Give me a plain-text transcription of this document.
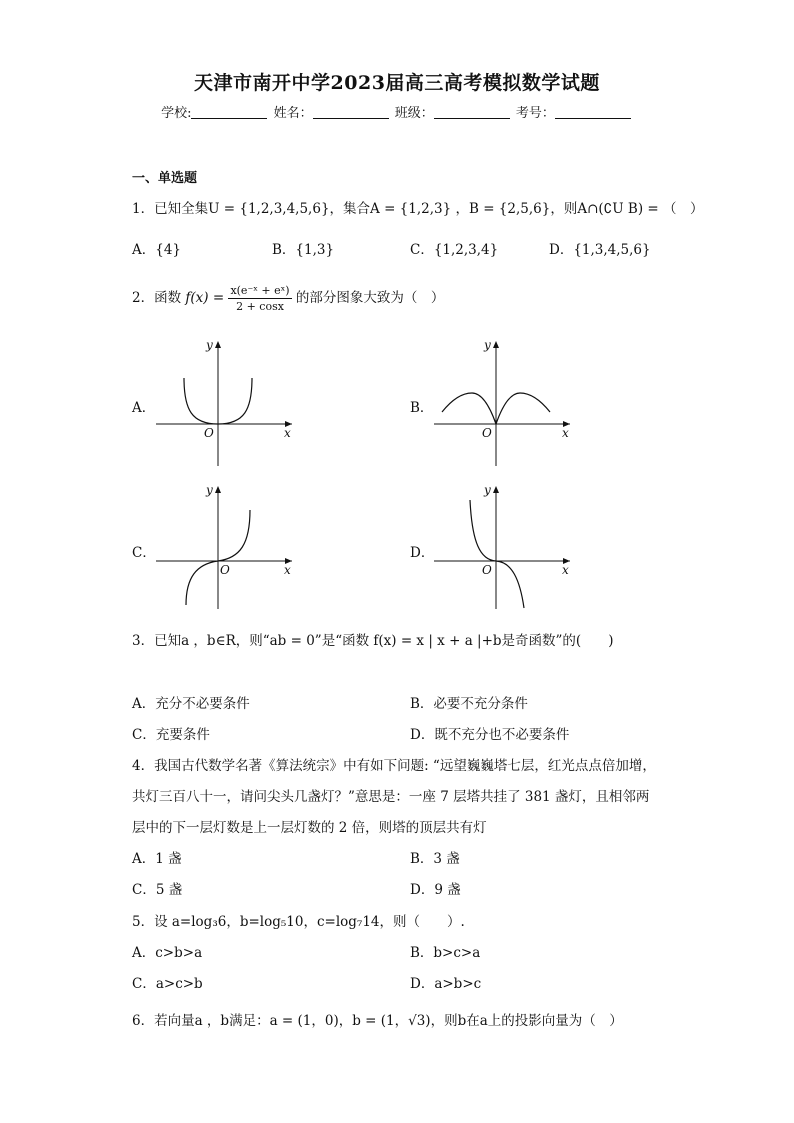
天津市南开中学2023届高三高考模拟数学试题
学校:	姓名：	班级：	考号：
一、单选题
1．已知全集U = {1,2,3,4,5,6}，集合A = {1,2,3} ，B = {2,5,6}，则A∩(∁U B) = （　）
A．{4}	B．{1,3}	C．{1,2,3,4}	D．{1,3,4,5,6}
2．函数 $f(x) = \frac{\text{x(e⁻ˣ + eˣ)}}{2 + \cos x}$ 的部分图象大致为（　）
A．
y
x
O
B．
y
x
O
C．
y
x
O
D．
y
x
O
3．已知a ，b∈R，则“ab = 0”是“函数 f(x) = x | x + a |+b是奇函数”的(　　)
A．充分不必要条件	B．必要不充分条件
C．充要条件	D．既不充分也不必要条件
4．我国古代数学名著《算法统宗》中有如下问题: “远望巍巍塔七层，红光点点倍加增，
共灯三百八十一，请问尖头几盏灯？”意思是：一座 7 层塔共挂了 381 盏灯，且相邻两
层中的下一层灯数是上一层灯数的 2 倍，则塔的顶层共有灯
A．1 盏	B．3 盏
C．5 盏	D．9 盏
5．设 a=log₃6，b=log₅10，c=log₇14，则（　　）.
A．c>b>a	B．b>c>a
C．a>c>b	D．a>b>c
6．若向量a ，b满足：a = (1，0)，b = (1，√3)，则b在a上的投影向量为（　）
